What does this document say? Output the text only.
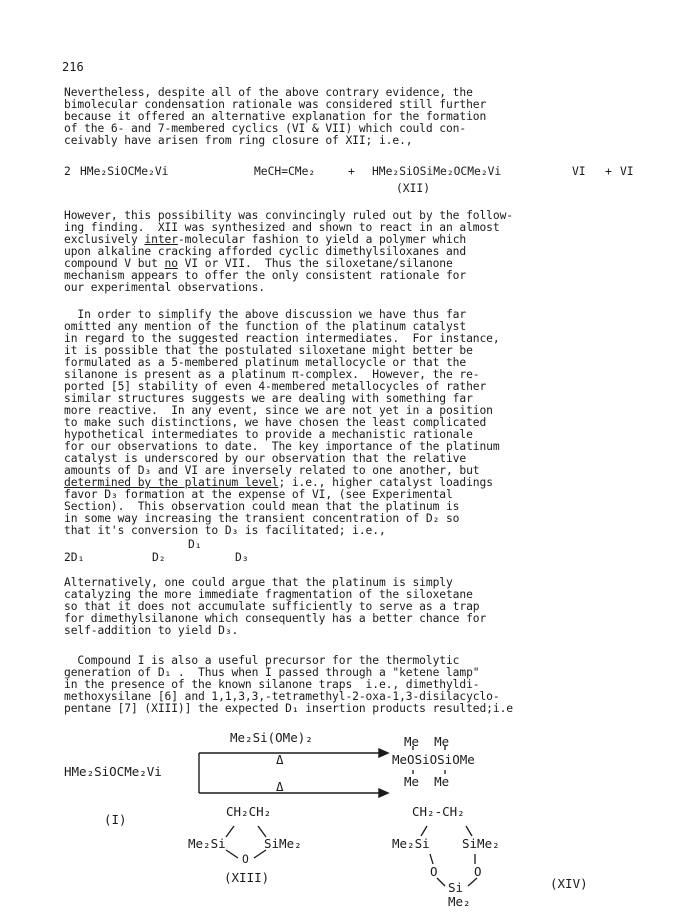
216
Nevertheless, despite all of the above contrary evidence, the
bimolecular condensation rationale was considered still further
because it offered an alternative explanation for the formation
of the 6- and 7-membered cyclics (VI & VII) which could con-
ceivably have arisen from ring closure of XII; i.e.,
2 HMe₂SiOCMe₂Vi	MeCH=CMe₂	+ HMe₂SiOSiMe₂OCMe₂Vi	VI + VI
(XII)
However, this possibility was convincingly ruled out by the follow-
ing finding.  XII was synthesized and shown to react in an almost
exclusively inter-molecular fashion to yield a polymer which
upon alkaline cracking afforded cyclic dimethylsiloxanes and
compound V but no VI or VII.  Thus the siloxetane/silanone
mechanism appears to offer the only consistent rationale for
our experimental observations.
In order to simplify the above discussion we have thus far
omitted any mention of the function of the platinum catalyst
in regard to the suggested reaction intermediates.  For instance,
it is possible that the postulated siloxetane might better be
formulated as a 5-membered platinum metallocycle or that the
silanone is present as a platinum π-complex.  However, the re-
ported [5] stability of even 4-membered metallocycles of rather
similar structures suggests we are dealing with something far
more reactive.  In any event, since we are not yet in a position
to make such distinctions, we have chosen the least complicated
hypothetical intermediates to provide a mechanistic rationale
for our observations to date.  The key importance of the platinum
catalyst is underscored by our observation that the relative
amounts of D₃ and VI are inversely related to one another, but
determined by the platinum level; i.e., higher catalyst loadings
favor D₃ formation at the expense of VI, (see Experimental
Section).  This observation could mean that the platinum is
in some way increasing the transient concentration of D₂ so
that it's conversion to D₃ is facilitated; i.e.,
2D₁	D₂
D₁
D₃
Alternatively, one could argue that the platinum is simply
catalyzing the more immediate fragmentation of the siloxetane
so that it does not accumulate sufficiently to serve as a trap
for dimethylsilanone which consequently has a better chance for
self-addition to yield D₃.
Compound I is also a useful precursor for the thermolytic
generation of D₁ .  Thus when I passed through a "ketene lamp"
in the presence of the known silanone traps  i.e., dimethyldi-
methoxysilane [6] and 1,1,3,3,-tetramethyl-2-oxa-1,3-disilacyclo-
pentane [7] (XIII)] the expected D₁ insertion products resulted;i.e
Me₂Si(OMe)₂
Δ
HMe₂SiOCMe₂Vi
(I)
Δ
Me  Me
MeOSiOSiOMe
Me  Me
CH₂CH₂
Me₂Si	SiMe₂
O
(XIII)
CH₂-CH₂
Me₂Si	SiMe₂
O	O
Si
Me₂
(XIV)
